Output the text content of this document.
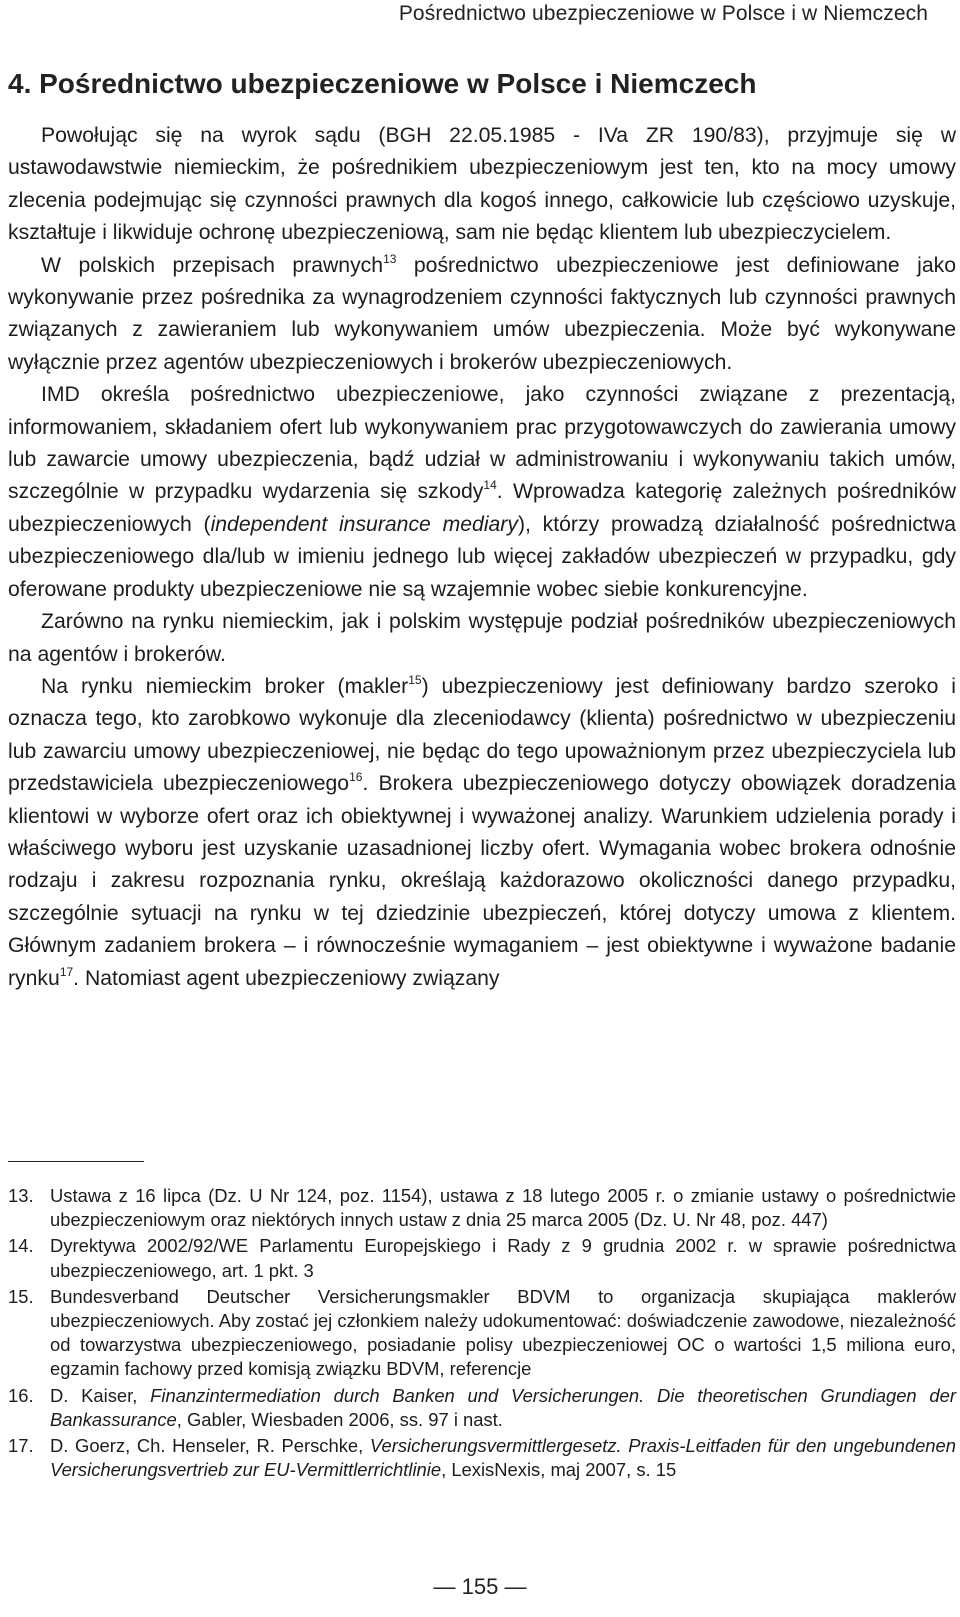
Pośrednictwo ubezpieczeniowe w Polsce i w Niemczech
4. Pośrednictwo ubezpieczeniowe w Polsce i Niemczech

Powołując się na wyrok sądu (BGH 22.05.1985 - IVa ZR 190/83), przyjmuje się w ustawodawstwie niemieckim, że pośrednikiem ubezpieczeniowym jest ten, kto na mocy umowy zlecenia podejmując się czynności prawnych dla kogoś innego, całkowicie lub częściowo uzyskuje, kształtuje i likwiduje ochronę ubezpieczeniową, sam nie będąc klientem lub ubezpieczycielem.

W polskich przepisach prawnych$^{13}$ pośrednictwo ubezpieczeniowe jest definiowane jako wykonywanie przez pośrednika za wynagrodzeniem czynności faktycznych lub czynności prawnych związanych z zawieraniem lub wykonywaniem umów ubezpieczenia. Może być wykonywane wyłącznie przez agentów ubezpieczeniowych i brokerów ubezpieczeniowych.

IMD określa pośrednictwo ubezpieczeniowe, jako czynności związane z prezentacją, informowaniem, składaniem ofert lub wykonywaniem prac przygotowawczych do zawierania umowy lub zawarcie umowy ubezpieczenia, bądź udział w administrowaniu i wykonywaniu takich umów, szczególnie w przypadku wydarzenia się szkody$^{14}$. Wprowadza kategorię zależnych pośredników ubezpieczeniowych (independent insurance mediary), którzy prowadzą działalność pośrednictwa ubezpieczeniowego dla/lub w imieniu jednego lub więcej zakładów ubezpieczeń w przypadku, gdy oferowane produkty ubezpieczeniowe nie są wzajemnie wobec siebie konkurencyjne.

Zarówno na rynku niemieckim, jak i polskim występuje podział pośredników ubezpieczeniowych na agentów i brokerów.

Na rynku niemieckim broker (makler$^{15}$) ubezpieczeniowy jest definiowany bardzo szeroko i oznacza tego, kto zarobkowo wykonuje dla zleceniodawcy (klienta) pośrednictwo w ubezpieczeniu lub zawarciu umowy ubezpieczeniowej, nie będąc do tego upoważnionym przez ubezpieczyciela lub przedstawiciela ubezpieczeniowego$^{16}$. Brokera ubezpieczeniowego dotyczy obowiązek doradzenia klientowi w wyborze ofert oraz ich obiektywnej i wyważonej analizy. Warunkiem udzielenia porady i właściwego wyboru jest uzyskanie uzasadnionej liczby ofert. Wymagania wobec brokera odnośnie rodzaju i zakresu rozpoznania rynku, określają każdorazowo okoliczności danego przypadku, szczególnie sytuacji na rynku w tej dziedzinie ubezpieczeń, której dotyczy umowa z klientem. Głównym zadaniem brokera – i równocześnie wymaganiem – jest obiektywne i wyważone badanie rynku$^{17}$. Natomiast agent ubezpieczeniowy związany

13. Ustawa z 16 lipca (Dz. U Nr 124, poz. 1154), ustawa z 18 lutego 2005 r. o zmianie ustawy o pośrednictwie ubezpieczeniowym oraz niektórych innych ustaw z dnia 25 marca 2005 (Dz. U. Nr 48, poz. 447)
14. Dyrektywa 2002/92/WE Parlamentu Europejskiego i Rady z 9 grudnia 2002 r. w sprawie pośrednictwa ubezpieczeniowego, art. 1 pkt. 3
15. Bundesverband Deutscher Versicherungsmakler BDVM to organizacja skupiająca maklerów ubezpieczeniowych. Aby zostać jej członkiem należy udokumentować: doświadczenie zawodowe, niezależność od towarzystwa ubezpieczeniowego, posiadanie polisy ubezpieczeniowej OC o wartości 1,5 miliona euro, egzamin fachowy przed komisją związku BDVM, referencje
16. D. Kaiser, Finanzintermediation durch Banken und Versicherungen. Die theoretischen Grundiagen der Bankassurance, Gabler, Wiesbaden 2006, ss. 97 i nast.
17. D. Goerz, Ch. Henseler, R. Perschke, Versicherungsvermittlergesetz. Praxis-Leitfaden für den ungebundenen Versicherungsvertrieb zur EU-Vermittlerrichtlinie, LexisNexis, maj 2007, s. 15
— 155 —
